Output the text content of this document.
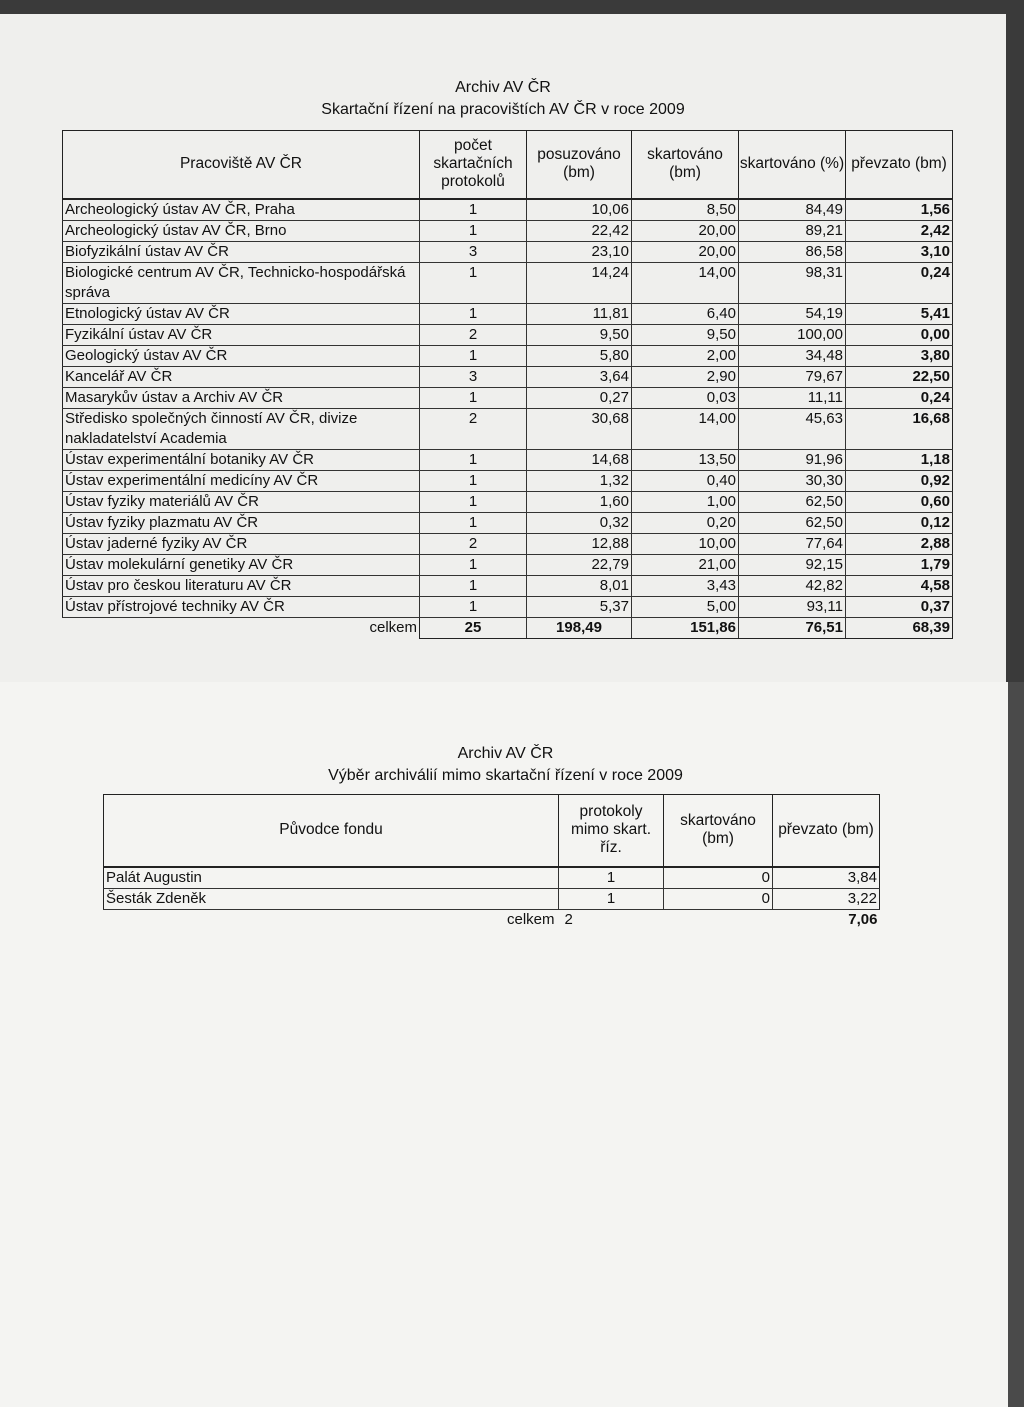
Archiv AV ČR
Skartační řízení na pracovištích AV ČR v roce 2009
Pracoviště AV ČR	počet skartačních protokolů	posuzováno (bm)	skartováno (bm)	skartováno (%)	převzato (bm)
Archeologický ústav AV ČR, Praha	1	10,06	8,50	84,49	1,56
Archeologický ústav AV ČR, Brno	1	22,42	20,00	89,21	2,42
Biofyzikální ústav AV ČR	3	23,10	20,00	86,58	3,10
Biologické centrum AV ČR, Technicko-hospodářská správa	1	14,24	14,00	98,31	0,24
Etnologický ústav AV ČR	1	11,81	6,40	54,19	5,41
Fyzikální ústav AV ČR	2	9,50	9,50	100,00	0,00
Geologický ústav AV ČR	1	5,80	2,00	34,48	3,80
Kancelář AV ČR	3	3,64	2,90	79,67	22,50
Masarykův ústav a Archiv AV ČR	1	0,27	0,03	11,11	0,24
Středisko společných činností AV ČR, divize nakladatelství Academia	2	30,68	14,00	45,63	16,68
Ústav experimentální botaniky AV ČR	1	14,68	13,50	91,96	1,18
Ústav experimentální medicíny AV ČR	1	1,32	0,40	30,30	0,92
Ústav fyziky materiálů AV ČR	1	1,60	1,00	62,50	0,60
Ústav fyziky plazmatu AV ČR	1	0,32	0,20	62,50	0,12
Ústav jaderné fyziky AV ČR	2	12,88	10,00	77,64	2,88
Ústav molekulární genetiky AV ČR	1	22,79	21,00	92,15	1,79
Ústav pro českou literaturu AV ČR	1	8,01	3,43	42,82	4,58
Ústav přístrojové techniky AV ČR	1	5,37	5,00	93,11	0,37
celkem	25	198,49	151,86	76,51	68,39
Archiv AV ČR
Výběr archiválií mimo skartační řízení v roce 2009
Původce fondu	protokoly mimo skart. říz.	skartováno (bm)	převzato (bm)
Palát Augustin	1	0	3,84
Šesták Zdeněk	1	0	3,22
celkem	2		7,06
